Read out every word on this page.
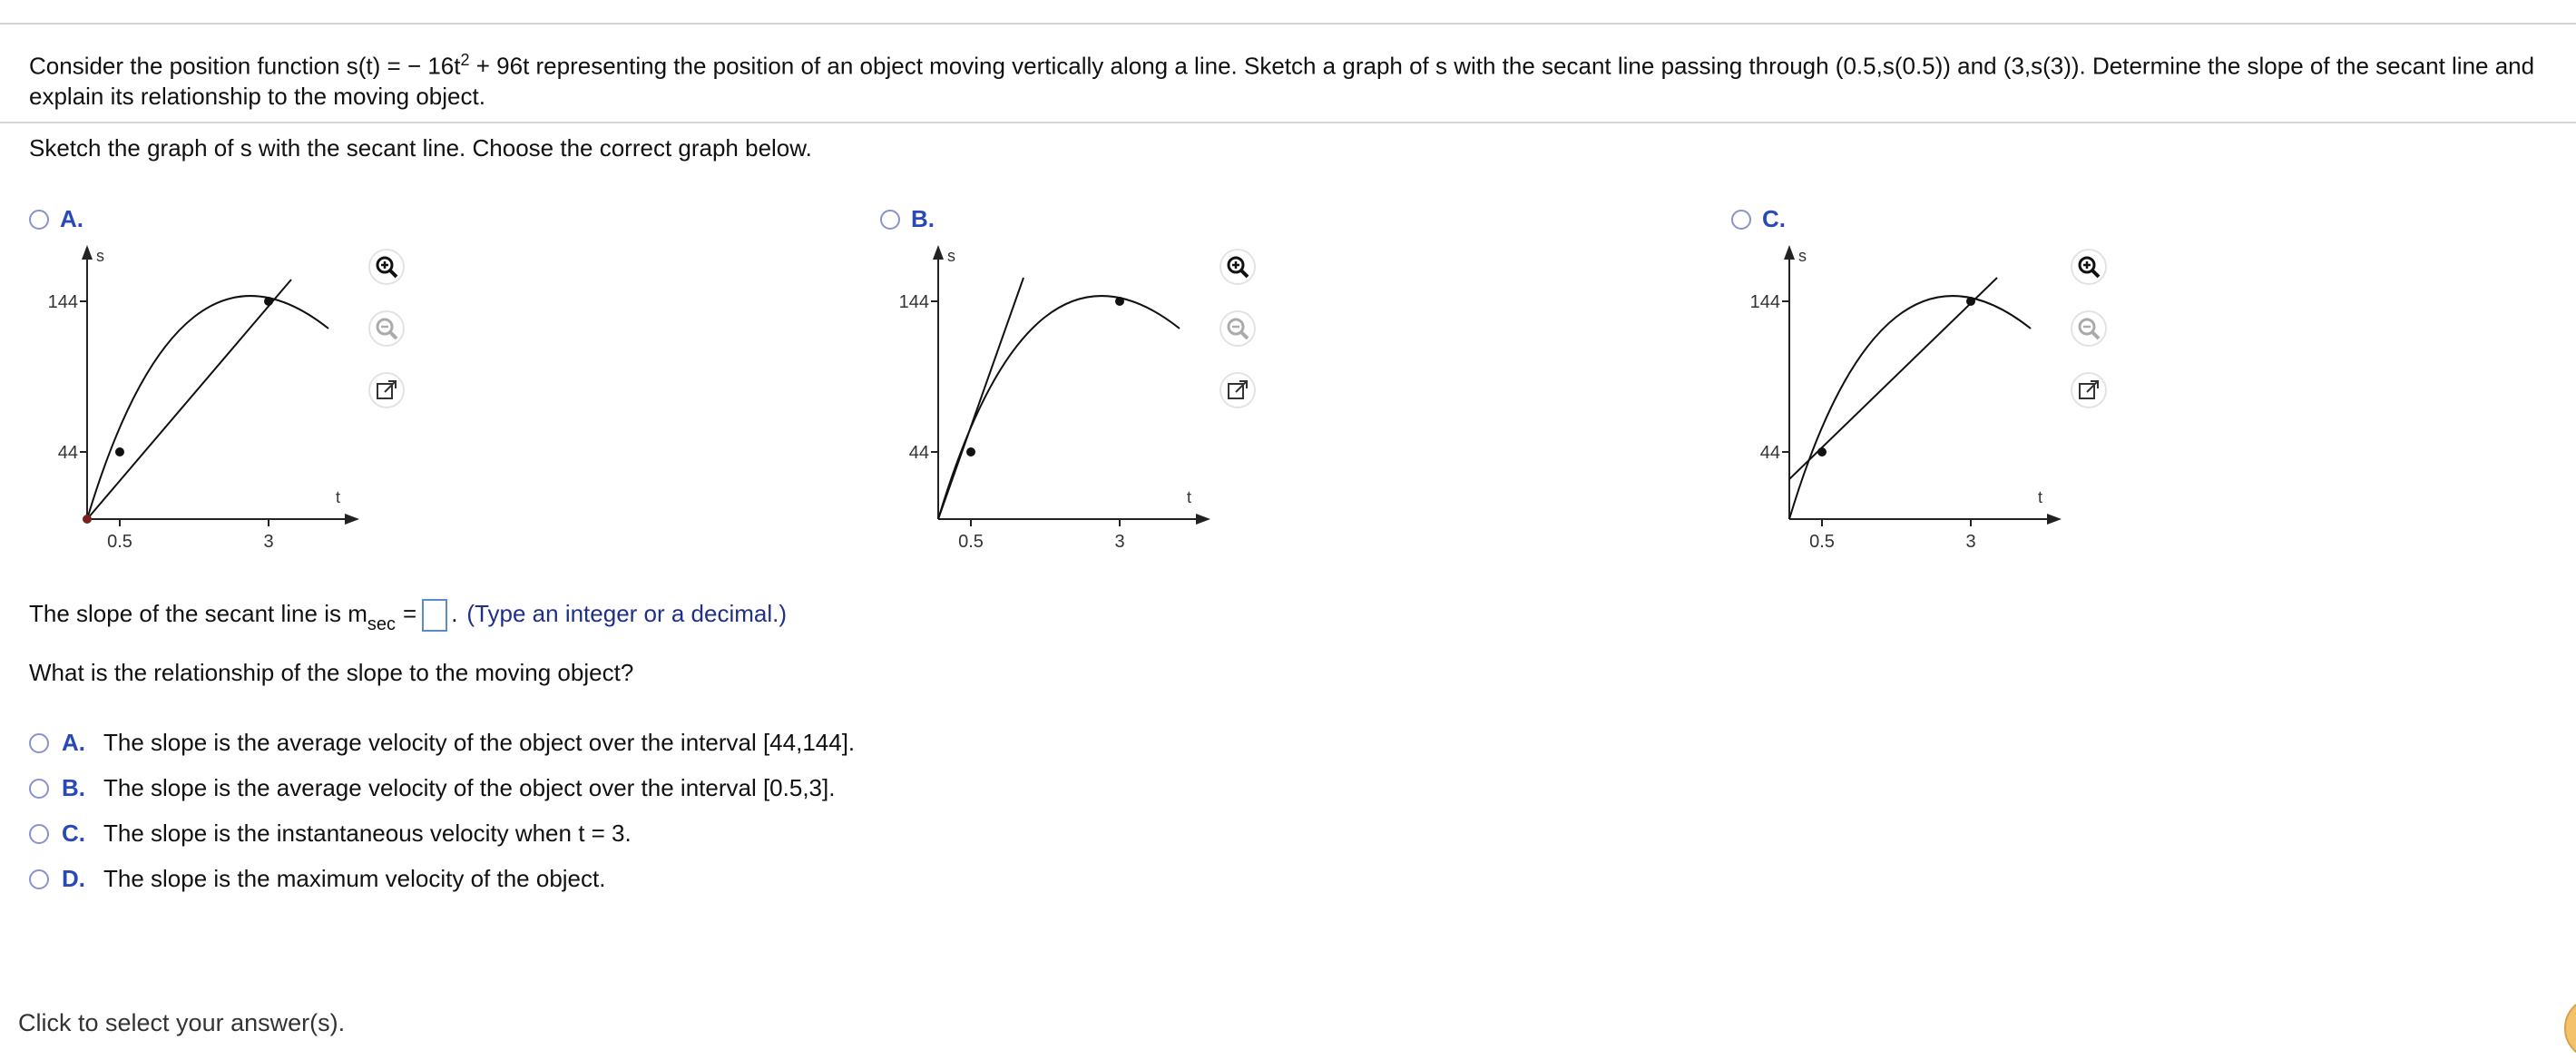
Consider the position function s(t) = − $16t^2 + 96t$ representing the position of an object moving vertically along a line. Sketch a graph of s with the secant line passing through (0.5,s(0.5)) and (3,s(3)). Determine the slope of the secant line and
explain its relationship to the moving object.
Sketch the graph of s with the secant line. Choose the correct graph below.
A.	B.	C.
s
t
144
44
0.5	3
s
t
144
44
0.5	3
s
t
144
44
0.5	3
The slope of the secant line is m sec = . (Type an integer or a decimal.)
What is the relationship of the slope to the moving object?
A. The slope is the average velocity of the object over the interval [44,144].
B. The slope is the average velocity of the object over the interval [0.5,3].
C. The slope is the instantaneous velocity when t = 3.
D. The slope is the maximum velocity of the object.
Click to select your answer(s).
